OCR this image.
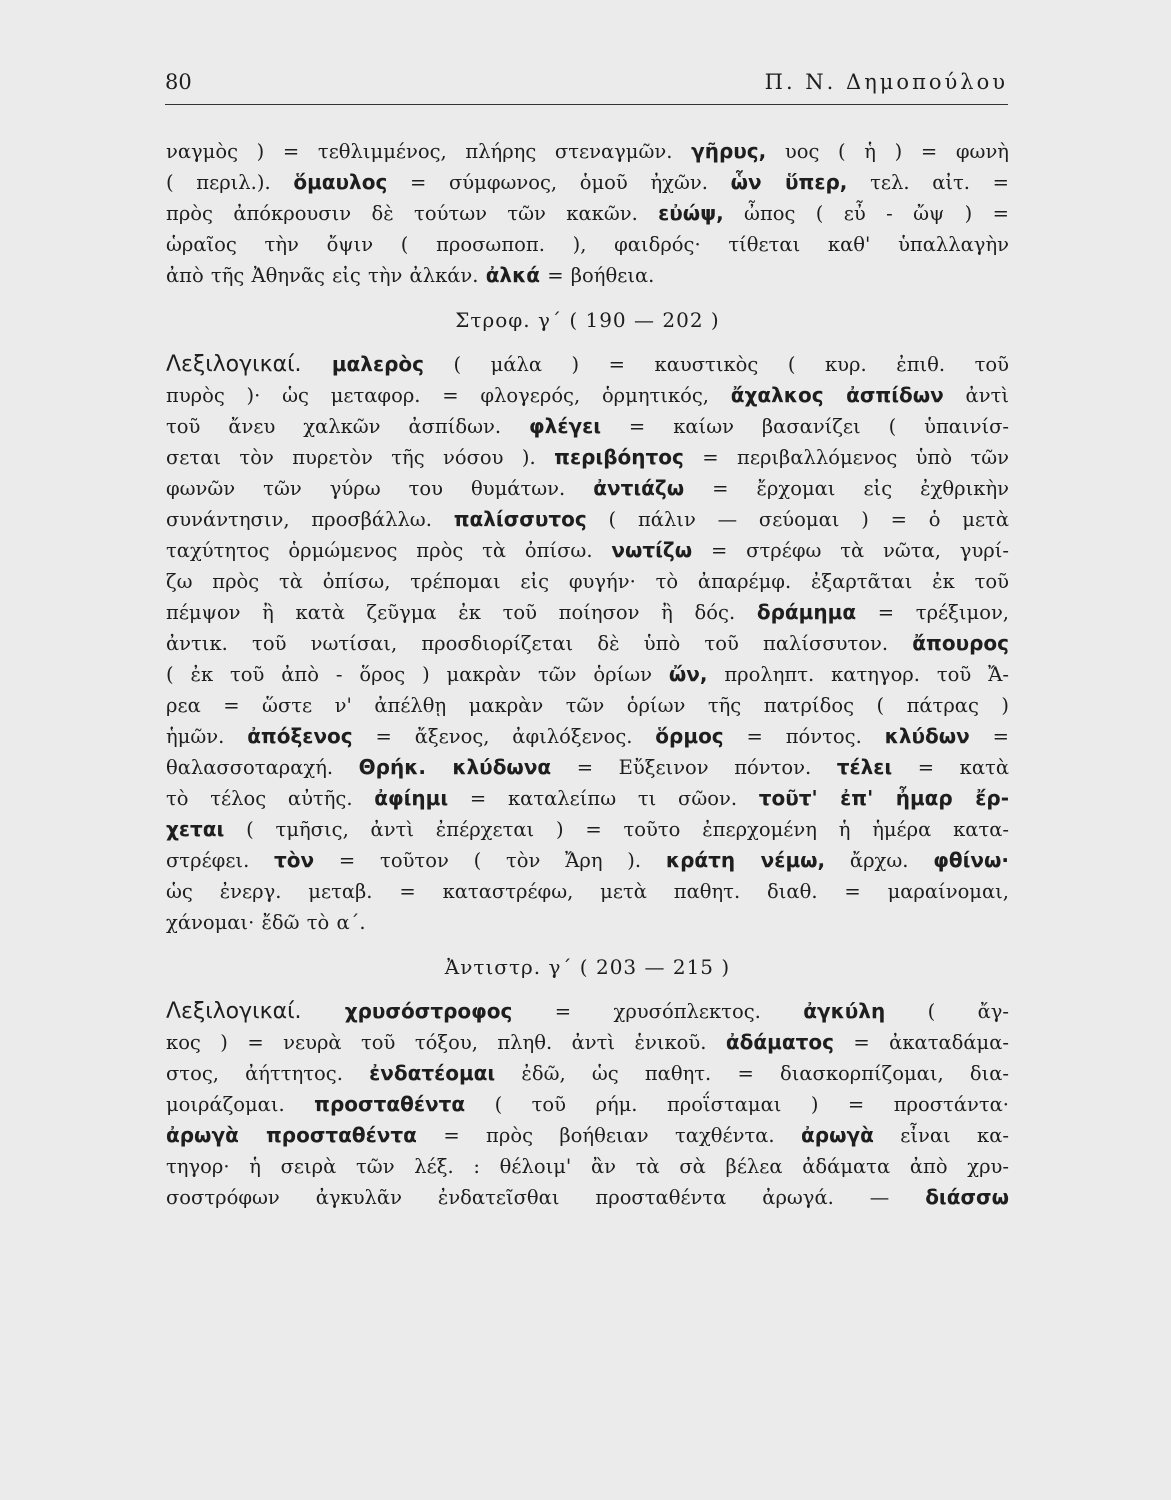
80	Π. Ν. Δημοπούλου
ναγμὸς ) = τεθλιμμένος, πλήρης στεναγμῶν. γῆρυς, υος ( ἡ ) = φωνὴ
( περιλ.). ὅμαυλος = σύμφωνος, ὁμοῦ ἠχῶν. ὧν ὕπερ, τελ. αἰτ. =
πρὸς ἀπόκρουσιν δὲ τούτων τῶν κακῶν. εὐώψ, ὦπος ( εὖ - ὤψ ) =
ὡραῖος τὴν ὄψιν ( προσωποπ. ), φαιδρός· τίθεται καθ' ὑπαλλαγὴν
ἀπὸ τῆς Ἀθηνᾶς εἰς τὴν ἀλκάν. ἀλκά = βοήθεια.
Στροφ. γ΄ ( 190 — 202 )
Λεξιλογικαί. μαλερὸς ( μάλα ) = καυστικὸς ( κυρ. ἐπιθ. τοῦ
πυρὸς )· ὡς μεταφορ. = φλογερός, ὁρμητικός, ἄχαλκος ἀσπίδων ἀντὶ
τοῦ ἄνευ χαλκῶν ἀσπίδων. φλέγει = καίων βασανίζει ( ὑπαινίσ-
σεται τὸν πυρετὸν τῆς νόσου ). περιβόητος = περιβαλλόμενος ὑπὸ τῶν
φωνῶν τῶν γύρω του θυμάτων. ἀντιάζω = ἔρχομαι εἰς ἐχθρικὴν
συνάντησιν, προσβάλλω. παλίσσυτος ( πάλιν — σεύομαι ) = ὁ μετὰ
ταχύτητος ὁρμώμενος πρὸς τὰ ὀπίσω. νωτίζω = στρέφω τὰ νῶτα, γυρί-
ζω πρὸς τὰ ὀπίσω, τρέπομαι εἰς φυγήν· τὸ ἀπαρέμφ. ἐξαρτᾶται ἐκ τοῦ
πέμψον ἢ κατὰ ζεῦγμα ἐκ τοῦ ποίησον ἢ δός. δράμημα = τρέξιμον,
ἀντικ. τοῦ νωτίσαι, προσδιορίζεται δὲ ὑπὸ τοῦ παλίσσυτον. ἄπουρος
( ἐκ τοῦ ἀπὸ - ὅρος ) μακρὰν τῶν ὁρίων ὤν, προληπτ. κατηγορ. τοῦ Ἄ-
ρεα = ὥστε ν' ἀπέλθῃ μακρὰν τῶν ὁρίων τῆς πατρίδος ( πάτρας )
ἡμῶν. ἀπόξενος = ἄξενος, ἀφιλόξενος. ὅρμος = πόντος. κλύδων =
θαλασσοταραχή. Θρήκ. κλύδωνα = Εὔξεινον πόντον. τέλει = κατὰ
τὸ τέλος αὐτῆς. ἀφίημι = καταλείπω τι σῶον. τοῦτ' ἐπ' ἦμαρ ἔρ-
χεται ( τμῆσις, ἀντὶ ἐπέρχεται ) = τοῦτο ἐπερχομένη ἡ ἡμέρα κατα-
στρέφει. τὸν = τοῦτον ( τὸν Ἄρη ). κράτη νέμω, ἄρχω. φθίνω·
ὡς ἐνεργ. μεταβ. = καταστρέφω, μετὰ παθητ. διαθ. = μαραίνομαι,
χάνομαι· ἔδῶ τὸ α΄.
Ἀντιστρ. γ΄ ( 203 — 215 )
Λεξιλογικαί. χρυσόστροφος = χρυσόπλεκτος. ἀγκύλη ( ἄγ-
κος ) = νευρὰ τοῦ τόξου, πληθ. ἀντὶ ἑνικοῦ. ἀδάματος = ἀκαταδάμα-
στος, ἀήττητος. ἐνδατέομαι ἐδῶ, ὡς παθητ. = διασκορπίζομαι, δια-
μοιράζομαι. προσταθέντα ( τοῦ ρήμ. προΐσταμαι ) = προστάντα·
ἀρωγὰ προσταθέντα = πρὸς βοήθειαν ταχθέντα. ἀρωγὰ εἶναι κα-
τηγορ· ἡ σειρὰ τῶν λέξ. : θέλοιμ' ἂν τὰ σὰ βέλεα ἀδάματα ἀπὸ χρυ-
σοστρόφων ἀγκυλᾶν ἐνδατεῖσθαι προσταθέντα ἀρωγά. — διάσσω
